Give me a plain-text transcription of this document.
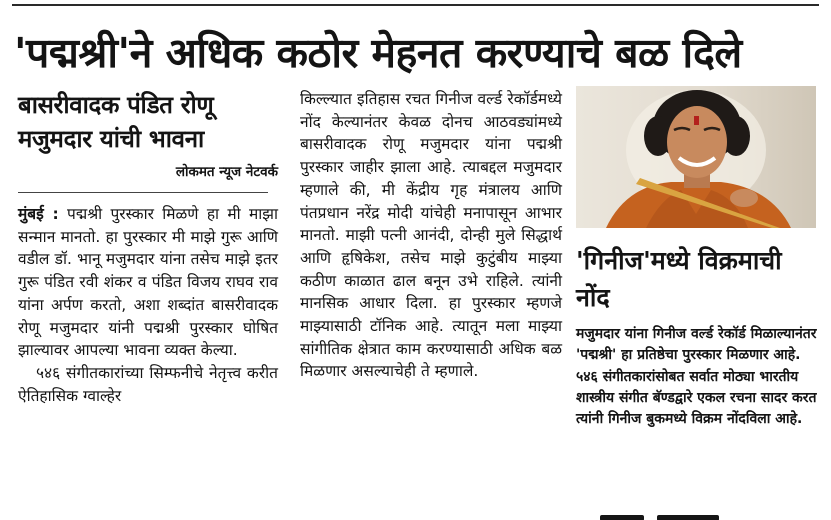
'पद्मश्री'ने अधिक कठोर मेहनत करण्याचे बळ दिले
बासरीवादक पंडित रोणू मजुमदार यांची भावना
लोकमत न्यूज नेटवर्क

मुंबई : पद्मश्री पुरस्कार मिळणे हा मी माझा सन्मान मानतो. हा पुरस्कार मी माझे गुरू आणि वडील डॉ. भानू मजुमदार यांना तसेच माझे इतर गुरू पंडित रवी शंकर व पंडित विजय राघव राव यांना अर्पण करतो, अशा शब्दांत बासरीवादक रोणू मजुमदार यांनी पद्मश्री पुरस्कार घोषित झाल्यावर आपल्या भावना व्यक्त केल्या.

५४६ संगीतकारांच्या सिम्फनीचे नेतृत्त्व करीत ऐतिहासिक ग्वाल्हेर

किल्ल्यात इतिहास रचत गिनीज वर्ल्ड रेकॉर्डमध्ये नोंद केल्यानंतर केवळ दोनच आठवड्यांमध्ये बासरीवादक रोणू मजुमदार यांना पद्मश्री पुरस्कार जाहीर झाला आहे. त्याबद्दल मजुमदार म्हणाले की, मी केंद्रीय गृह मंत्रालय आणि पंतप्रधान नरेंद्र मोदी यांचेही मनापासून आभार मानतो. माझी पत्नी आनंदी, दोन्ही मुले सिद्धार्थ आणि हृषिकेश, तसेच माझे कुटुंबीय माझ्या कठीण काळात ढाल बनून उभे राहिले. त्यांनी मानसिक आधार दिला. हा पुरस्कार म्हणजे माझ्यासाठी टॉनिक आहे. त्यातून मला माझ्या सांगीतिक क्षेत्रात काम करण्यासाठी अधिक बळ मिळणार असल्याचेही ते म्हणाले.

'गिनीज'मध्ये विक्रमाची नोंद

मजुमदार यांना गिनीज वर्ल्ड रेकॉर्ड मिळाल्यानंतर 'पद्मश्री' हा प्रतिष्ठेचा पुरस्कार मिळणार आहे. ५४६ संगीतकारांसोबत सर्वात मोठ्या भारतीय शास्त्रीय संगीत बॅण्डद्वारे एकल रचना सादर करत त्यांनी गिनीज बुकमध्ये विक्रम नोंदविला आहे.
